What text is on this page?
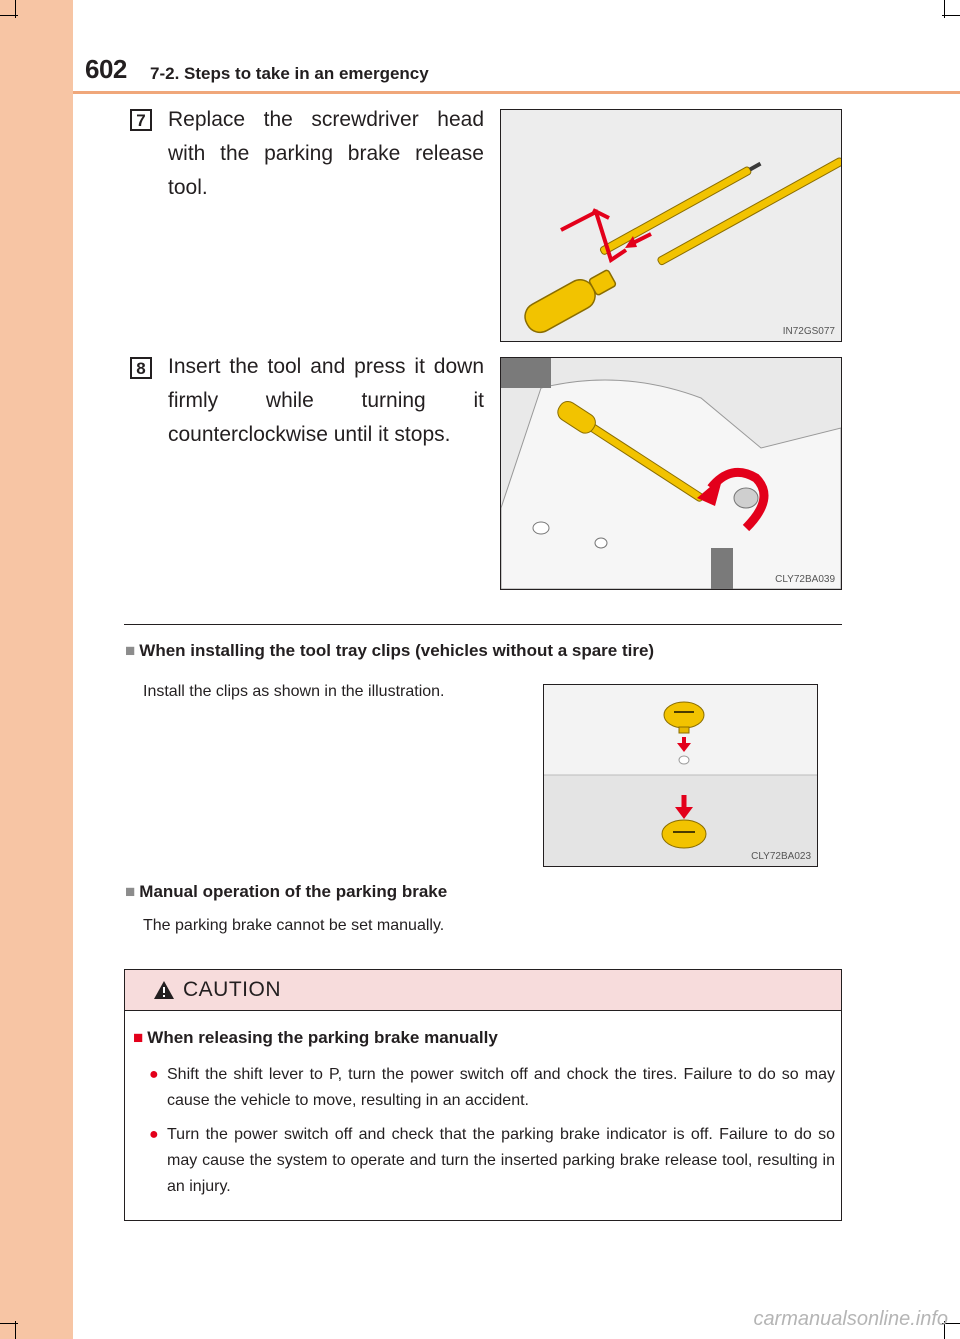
602 7-2. Steps to take in an emergency
7 Replace the screwdriver head with the parking brake release tool.
IN72GS077
8 Insert the tool and press it down firmly while turning it counterclockwise until it stops.
CLY72BA039
■ When installing the tool tray clips (vehicles without a spare tire)
Install the clips as shown in the illustration.
CLY72BA023
■ Manual operation of the parking brake
The parking brake cannot be set manually.
CAUTION
■ When releasing the parking brake manually
● Shift the shift lever to P, turn the power switch off and chock the tires. Failure to do so may cause the vehicle to move, resulting in an accident.
● Turn the power switch off and check that the parking brake indicator is off. Failure to do so may cause the system to operate and turn the inserted parking brake release tool, resulting in an injury.
carmanualsonline.info
